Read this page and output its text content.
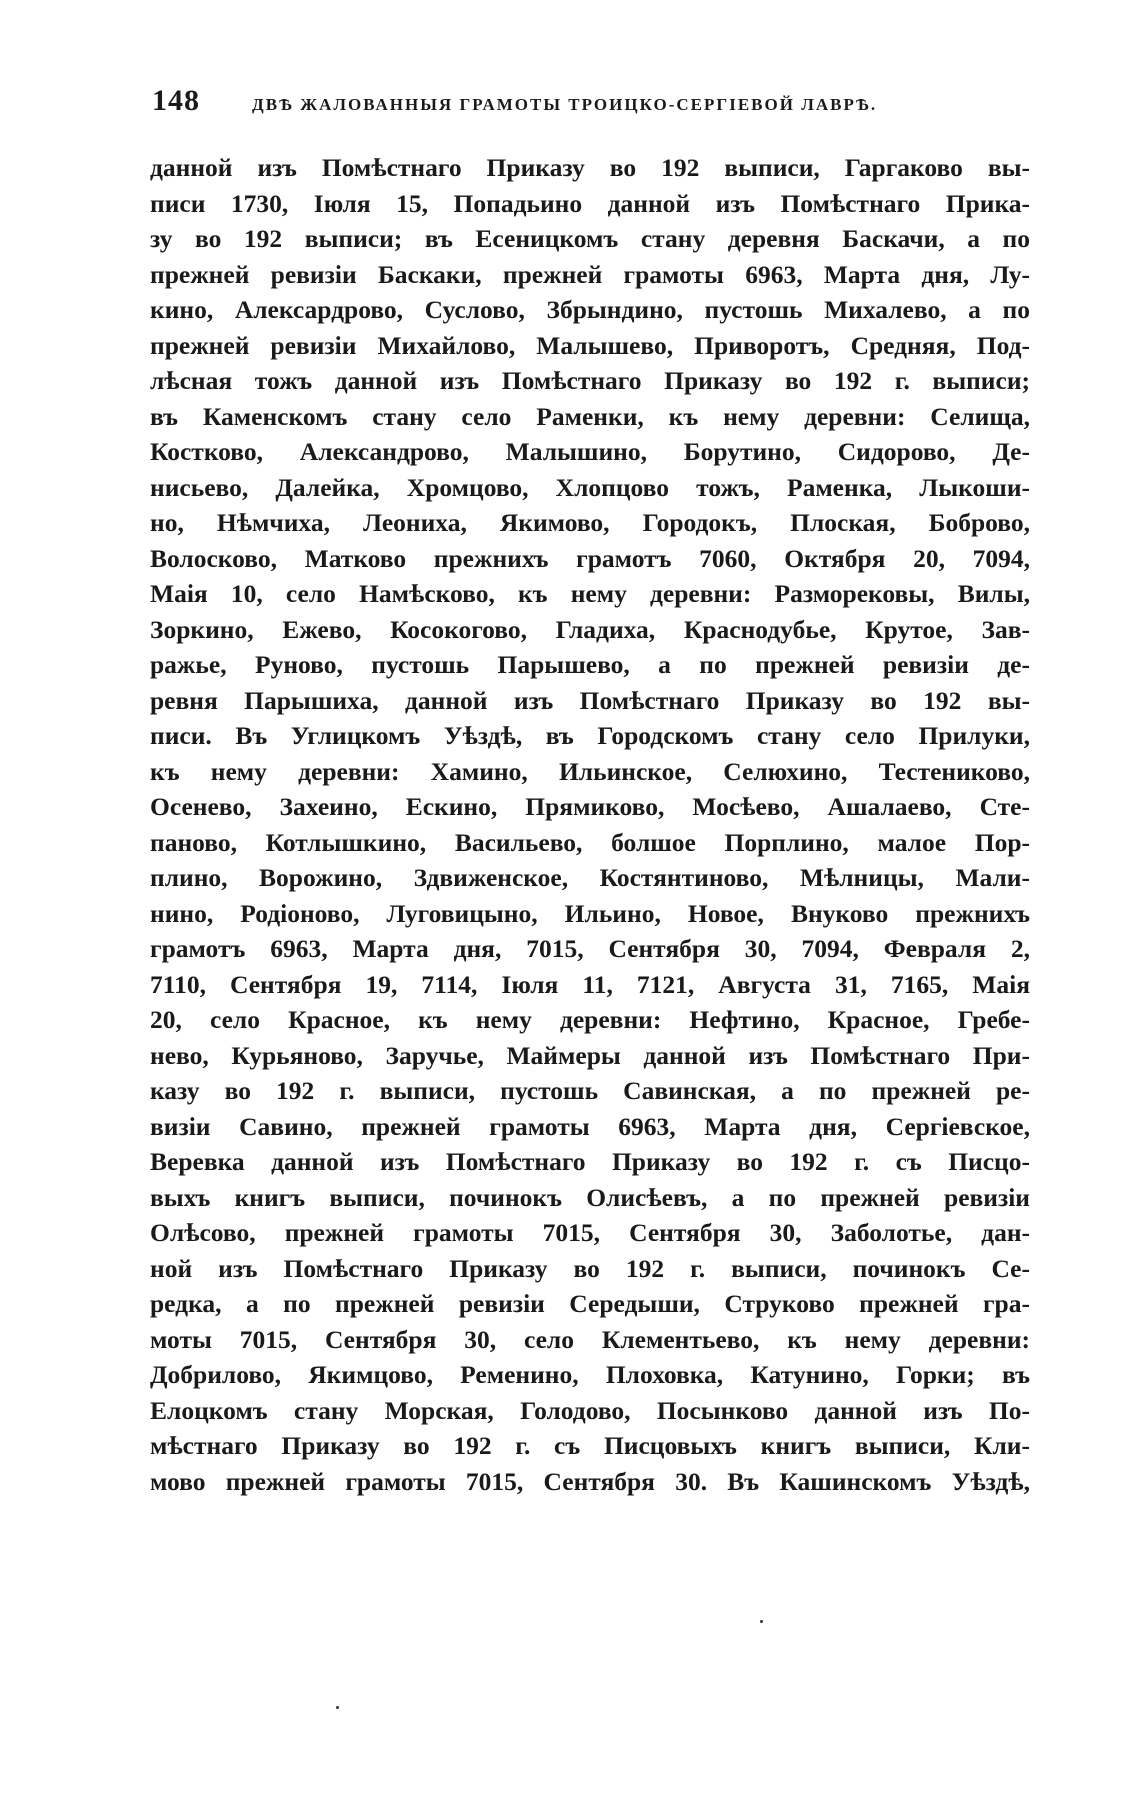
148	ДВѢ ЖАЛОВАННЫЯ ГРАМОТЫ ТРОИЦКО-СЕРГІЕВОЙ ЛАВРѢ.
данной изъ Помѣстнаго Приказу во 192 выписи, Гаргаково вы-
писи 1730, Іюля 15, Попадьино данной изъ Помѣстнаго Прика-
зу во 192 выписи; въ Есеницкомъ стану деревня Баскачи, а по
прежней ревизіи Баскаки, прежней грамоты 6963, Марта дня, Лу-
кино, Алексардрово, Суслово, Збрындино, пустошь Михалево, а по
прежней ревизіи Михайлово, Малышево, Приворотъ, Средняя, Под-
лѣсная тожъ данной изъ Помѣстнаго Приказу во 192 г. выписи;
въ Каменскомъ стану село Раменки, къ нему деревни: Селища,
Костково, Александрово, Малышино, Борутино, Сидорово, Де-
нисьево, Далейка, Хромцово, Хлопцово тожъ, Раменка, Лыкоши-
но, Нѣмчиха, Леониха, Якимово, Городокъ, Плоская, Боброво,
Волосково, Матково прежнихъ грамотъ 7060, Октября 20, 7094,
Маія 10, село Намѣсково, къ нему деревни: Разморековы, Вилы,
Зоркино, Ежево, Косокогово, Гладиха, Краснодубье, Крутое, Зав-
ражье, Руново, пустошь Парышево, а по прежней ревизіи де-
ревня Парышиха, данной изъ Помѣстнаго Приказу во 192 вы-
писи. Въ Углицкомъ Уѣздѣ, въ Городскомъ стану село Прилуки,
къ нему деревни: Хамино, Ильинское, Селюхино, Тестениково,
Осенево, Захеино, Ескино, Прямиково, Мосѣево, Ашалаево, Сте-
паново, Котлышкино, Васильево, болшое Порплино, малое Пор-
плино, Ворожино, Здвиженское, Костянтиново, Мѣлницы, Мали-
нино, Родіоново, Луговицыно, Ильино, Новое, Внуково прежнихъ
грамотъ 6963, Марта дня, 7015, Сентября 30, 7094, Февраля 2,
7110, Сентября 19, 7114, Іюля 11, 7121, Августа 31, 7165, Маія
20, село Красное, къ нему деревни: Нефтино, Красное, Гребе-
нево, Курьяново, Заручье, Маймеры данной изъ Помѣстнаго При-
казу во 192 г. выписи, пустошь Савинская, а по прежней ре-
визіи Савино, прежней грамоты 6963, Марта дня, Сергіевское,
Веревка данной изъ Помѣстнаго Приказу во 192 г. съ Писцо-
выхъ книгъ выписи, починокъ Олисѣевъ, а по прежней ревизіи
Олѣсово, прежней грамоты 7015, Сентября 30, Заболотье, дан-
ной изъ Помѣстнаго Приказу во 192 г. выписи, починокъ Се-
редка, а по прежней ревизіи Середыши, Струково прежней гра-
моты 7015, Сентября 30, село Клементьево, къ нему деревни:
Добрилово, Якимцово, Ременино, Плоховка, Катунино, Горки; въ
Елоцкомъ стану Морская, Голодово, Посынково данной изъ По-
мѣстнаго Приказу во 192 г. съ Писцовыхъ книгъ выписи, Кли-
мово прежней грамоты 7015, Сентября 30. Въ Кашинскомъ Уѣздѣ,
